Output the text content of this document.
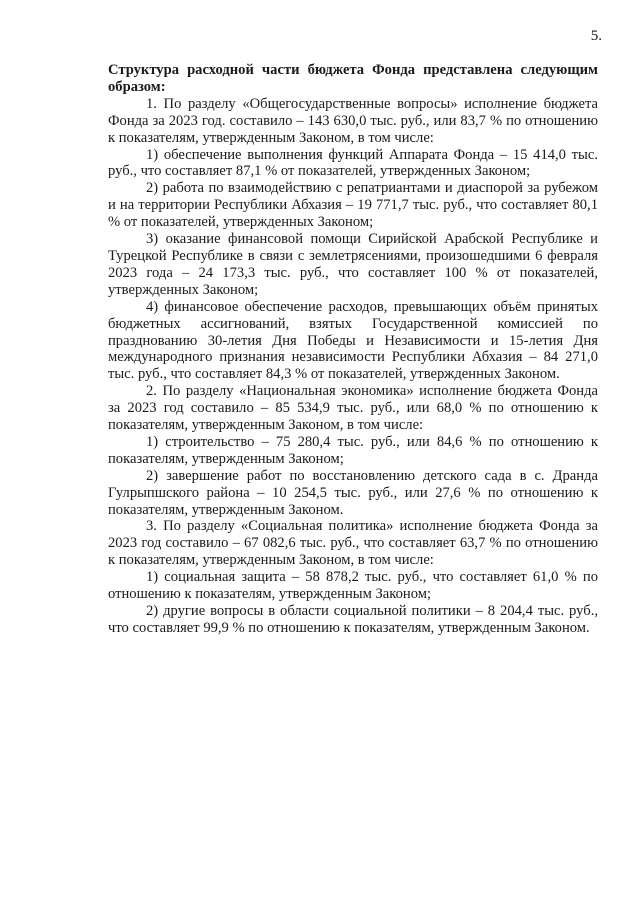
5.

Структура расходной части бюджета Фонда представлена следующим образом:

1. По разделу «Общегосударственные вопросы» исполнение бюджета Фонда за 2023 год. составило – 143 630,0 тыс. руб., или 83,7 % по отношению к показателям, утвержденным Законом, в том числе:

1) обеспечение выполнения функций Аппарата Фонда – 15 414,0 тыс. руб., что составляет 87,1 % от показателей, утвержденных Законом;

2) работа по взаимодействию с репатриантами и диаспорой за рубежом и на территории Республики Абхазия – 19 771,7 тыс. руб., что составляет 80,1 % от показателей, утвержденных Законом;

3) оказание финансовой помощи Сирийской Арабской Республике и Турецкой Республике в связи с землетрясениями, произошедшими 6 февраля 2023 года – 24 173,3 тыс. руб., что составляет 100 % от показателей, утвержденных Законом;

4) финансовое обеспечение расходов, превышающих объём принятых бюджетных ассигнований, взятых Государственной комиссией по празднованию 30-летия Дня Победы и Независимости и 15-летия Дня международного признания независимости Республики Абхазия – 84 271,0 тыс. руб., что составляет 84,3 % от показателей, утвержденных Законом.

2. По разделу «Национальная экономика» исполнение бюджета Фонда за 2023 год составило – 85 534,9 тыс. руб., или 68,0 % по отношению к показателям, утвержденным Законом, в том числе:

1) строительство – 75 280,4 тыс. руб., или 84,6 % по отношению к показателям, утвержденным Законом;

2) завершение работ по восстановлению детского сада в с. Дранда Гулрыпшского района – 10 254,5 тыс. руб., или 27,6 % по отношению к показателям, утвержденным Законом.

3. По разделу «Социальная политика» исполнение бюджета Фонда за 2023 год составило – 67 082,6 тыс. руб., что составляет 63,7 % по отношению к показателям, утвержденным Законом, в том числе:

1) социальная защита – 58 878,2 тыс. руб., что составляет 61,0 % по отношению к показателям, утвержденным Законом;

2) другие вопросы в области социальной политики – 8 204,4 тыс. руб., что составляет 99,9 % по отношению к показателям, утвержденным Законом.
